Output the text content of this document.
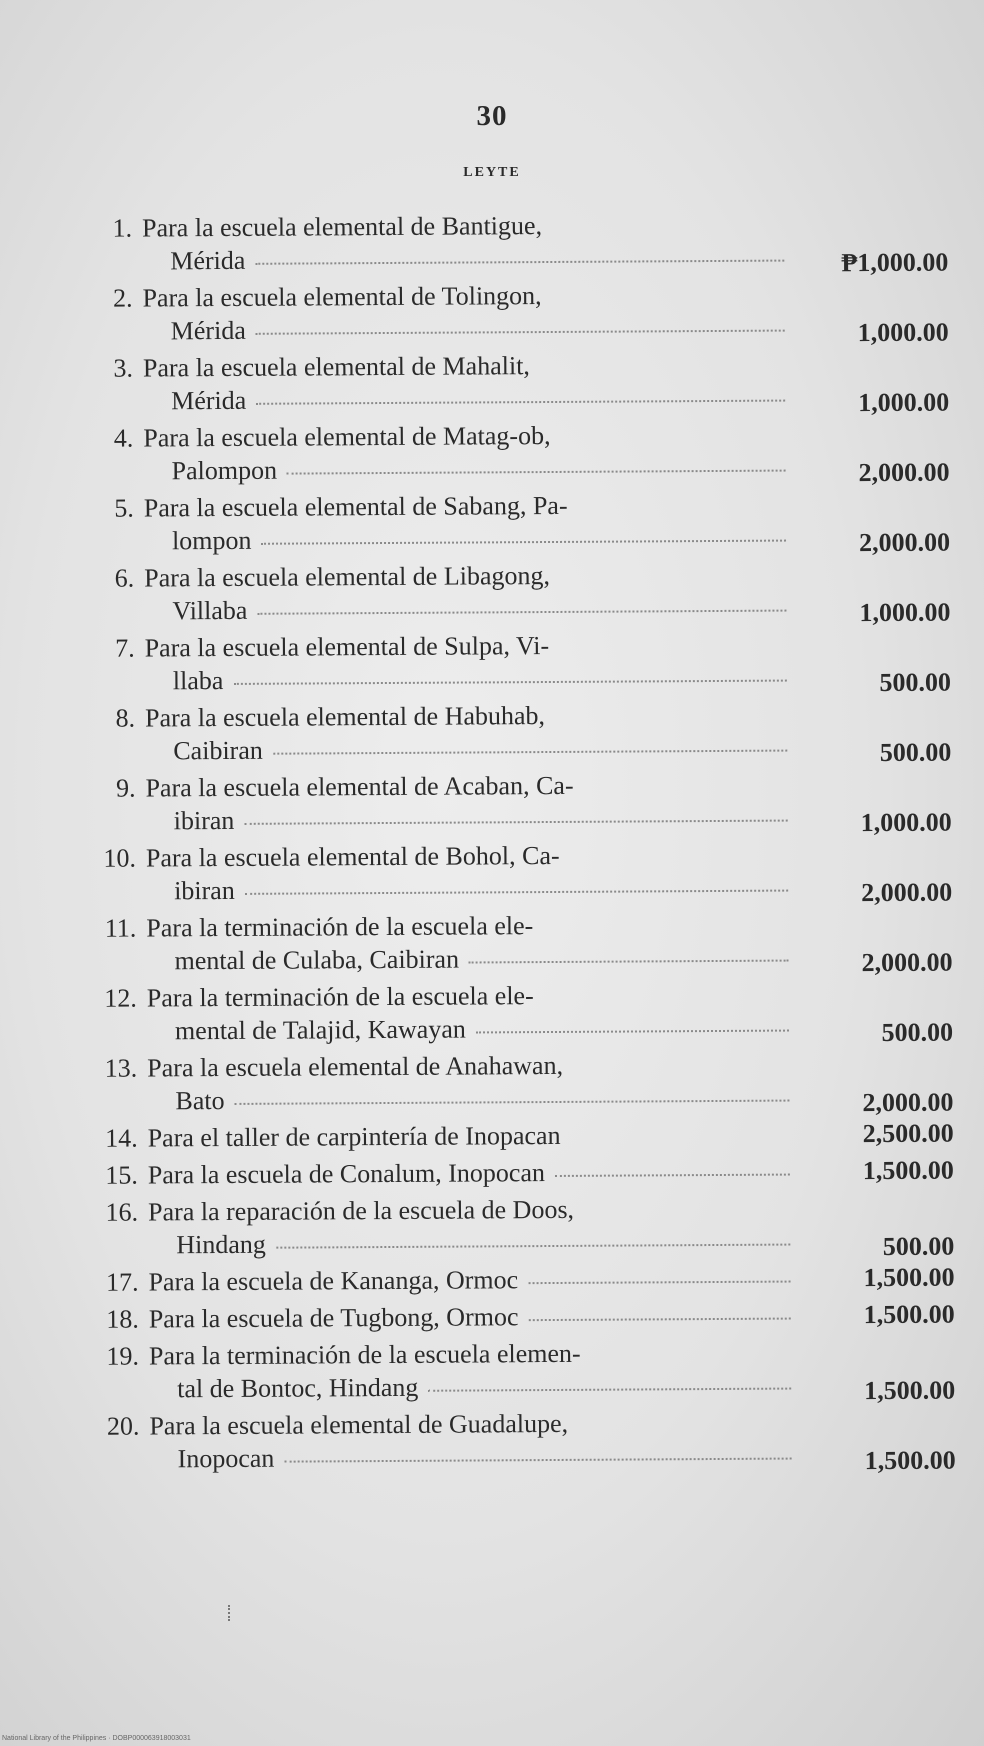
30
LEYTE
1. Para la escuela elemental de Bantigue,
Mérida	₱1,000.00
2. Para la escuela elemental de Tolingon,
Mérida	1,000.00
3. Para la escuela elemental de Mahalit,
Mérida	1,000.00
4. Para la escuela elemental de Matag-ob,
Palompon	2,000.00
5. Para la escuela elemental de Sabang, Pa-
lompon	2,000.00
6. Para la escuela elemental de Libagong,
Villaba	1,000.00
7. Para la escuela elemental de Sulpa, Vi-
llaba	500.00
8. Para la escuela elemental de Habuhab,
Caibiran	500.00
9. Para la escuela elemental de Acaban, Ca-
ibiran	1,000.00
10. Para la escuela elemental de Bohol, Ca-
ibiran	2,000.00
11. Para la terminación de la escuela ele-
mental de Culaba, Caibiran	2,000.00
12. Para la terminación de la escuela ele-
mental de Talajid, Kawayan	500.00
13. Para la escuela elemental de Anahawan,
Bato	2,000.00
14. Para el taller de carpintería de Inopacan	2,500.00
15. Para la escuela de Conalum, Inopocan	1,500.00
16. Para la reparación de la escuela de Doos,
Hindang	500.00
17. Para la escuela de Kananga, Ormoc	1,500.00
18. Para la escuela de Tugbong, Ormoc	1,500.00
19. Para la terminación de la escuela elemen-
tal de Bontoc, Hindang	1,500.00
20. Para la escuela elemental de Guadalupe,
Inopocan	1,500.00
National Library of the Philippines · DOBP000063918003031
